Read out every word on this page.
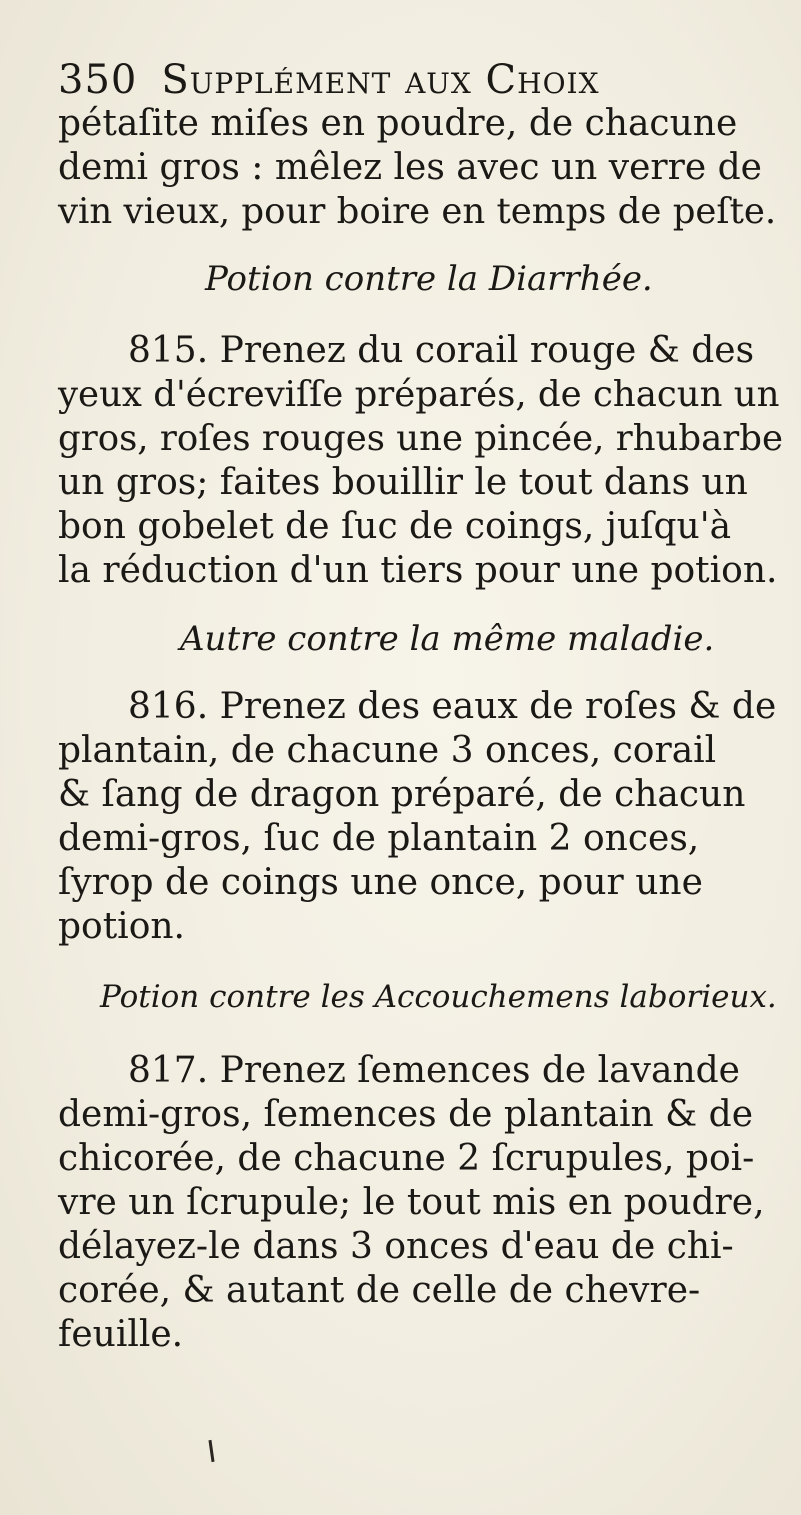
350 Supplément aux Choix
pétaſite miſes en poudre, de chacune
demi gros : mêlez les avec un verre de
vin vieux, pour boire en temps de peſte.
Potion contre la Diarrhée.
815. Prenez du corail rouge & des
yeux d'écreviſſe préparés, de chacun un
gros, roſes rouges une pincée, rhubarbe
un gros; faites bouillir le tout dans un
bon gobelet de ſuc de coings, juſqu'à
la réduction d'un tiers pour une potion.
Autre contre la même maladie.
816. Prenez des eaux de roſes & de
plantain, de chacune 3 onces, corail
& ſang de dragon préparé, de chacun
demi-gros, ſuc de plantain 2 onces,
ſyrop de coings une once, pour une
potion.
Potion contre les Accouchemens laborieux.
817. Prenez ſemences de lavande
demi-gros, ſemences de plantain & de
chicorée, de chacune 2 ſcrupules, poi-
vre un ſcrupule; le tout mis en poudre,
délayez-le dans 3 onces d'eau de chi-
corée, & autant de celle de chevre-
feuille.
